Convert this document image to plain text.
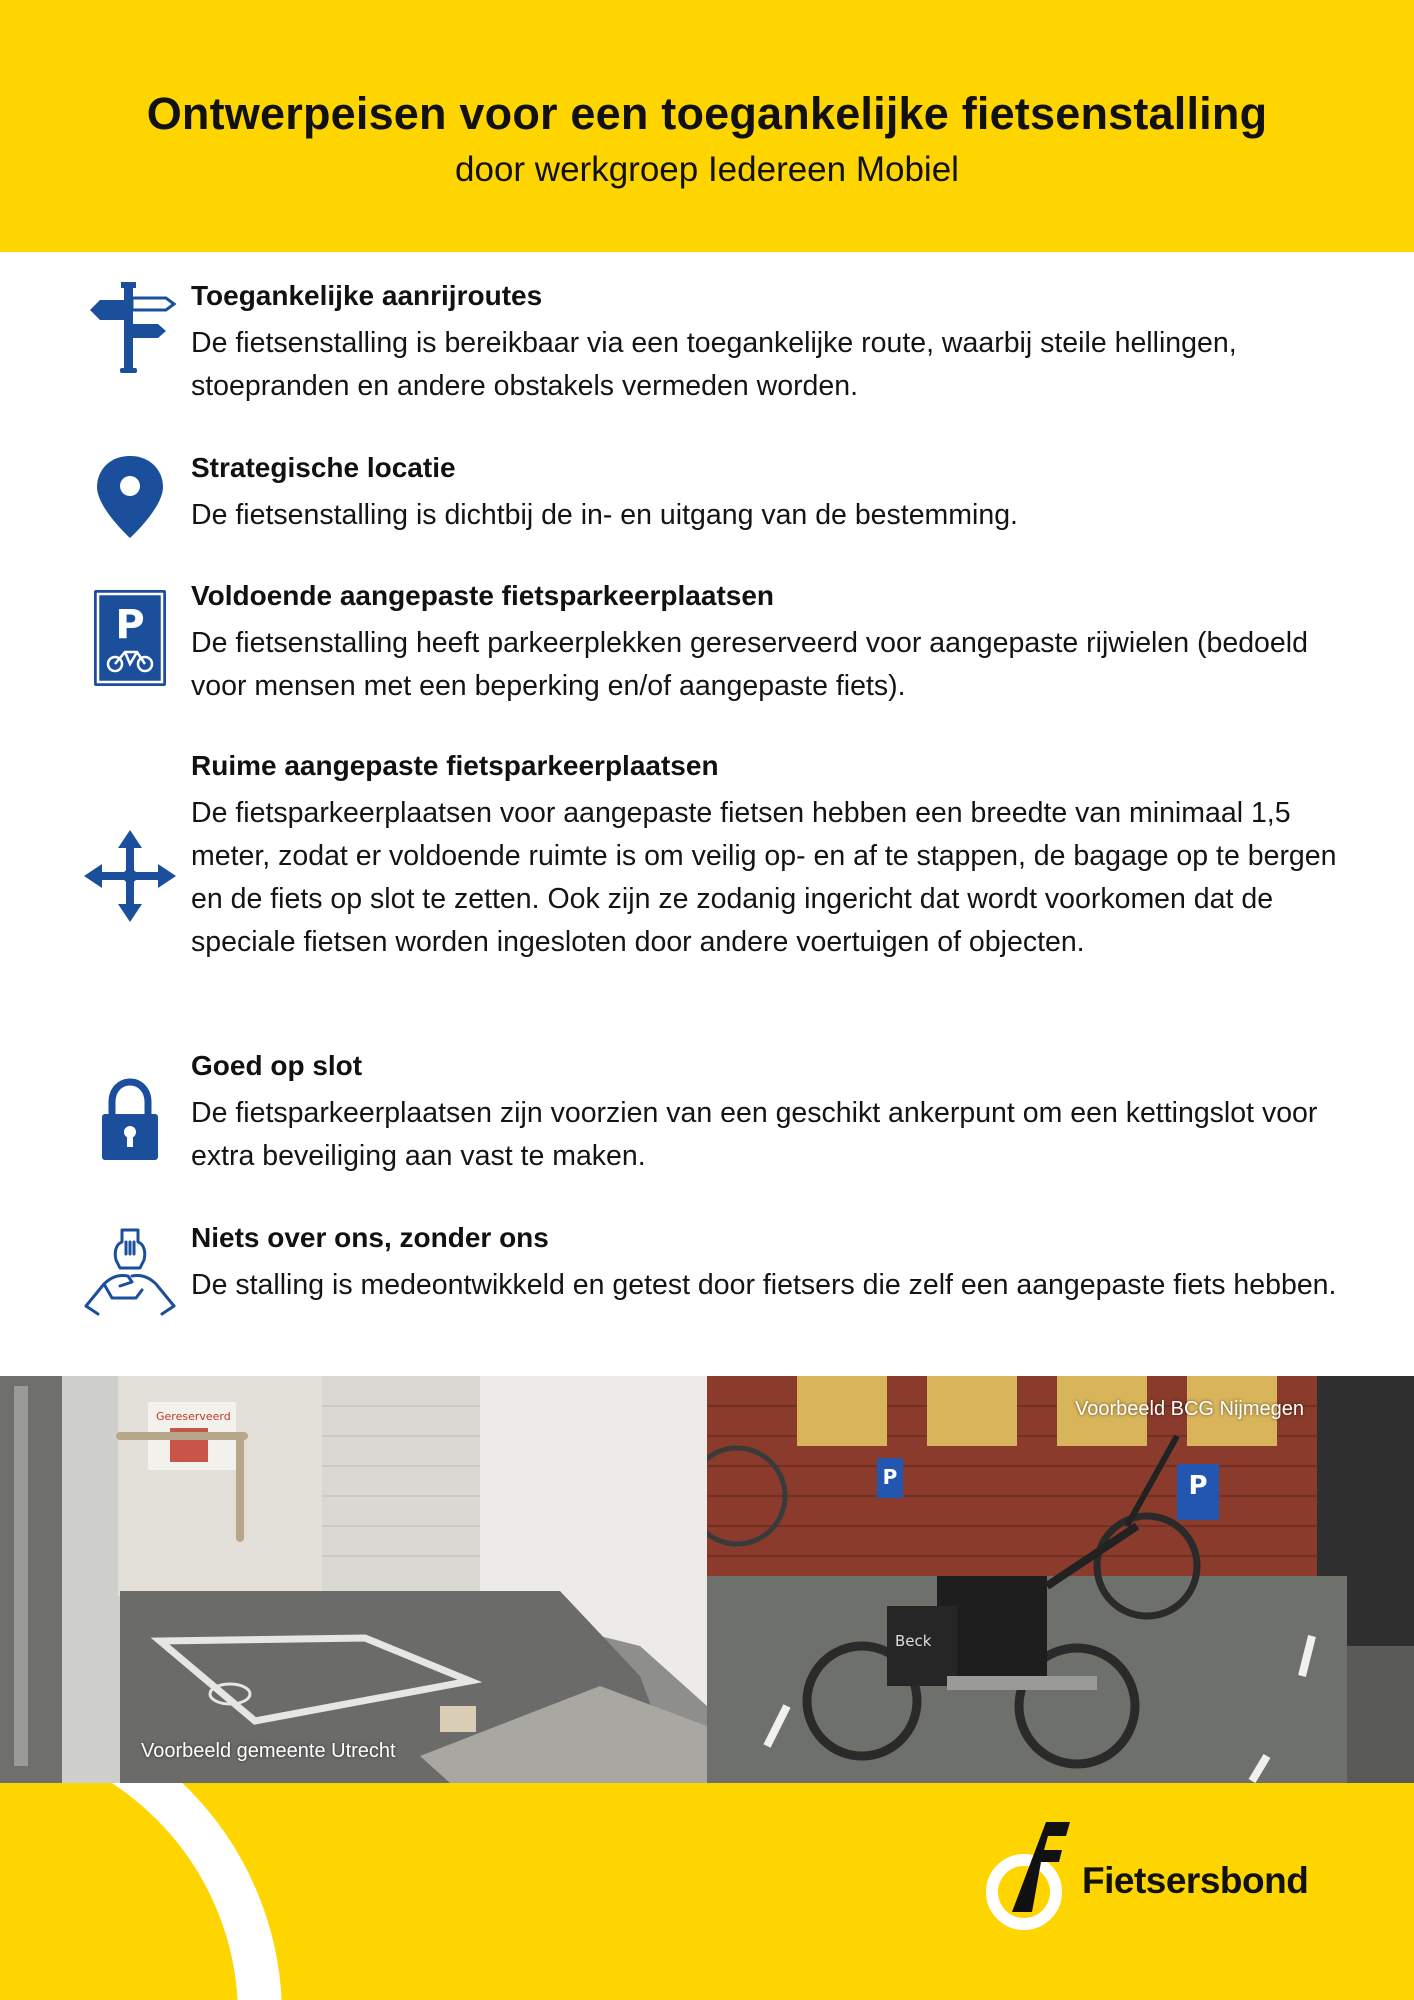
Ontwerpeisen voor een toegankelijke fietsenstalling
door werkgroep Iedereen Mobiel
Toegankelijke aanrijroutes
De fietsenstalling is bereikbaar via een toegankelijke route, waarbij steile hellingen, stoepranden en andere obstakels vermeden worden.
Strategische locatie
De fietsenstalling is dichtbij de in- en uitgang van de bestemming.
P
Voldoende aangepaste fietsparkeerplaatsen
De fietsenstalling heeft parkeerplekken gereserveerd voor aangepaste rijwielen (bedoeld voor mensen met een beperking en/of aangepaste fiets).
Ruime aangepaste fietsparkeerplaatsen
De fietsparkeerplaatsen voor aangepaste fietsen hebben een breedte van minimaal 1,5 meter, zodat er voldoende ruimte is om veilig op- en af te stappen, de bagage op te bergen en de fiets op slot te zetten. Ook zijn ze zodanig ingericht dat wordt voorkomen dat de speciale fietsen worden ingesloten door andere voertuigen of objecten.
Goed op slot
De fietsparkeerplaatsen zijn voorzien van een geschikt ankerpunt om een kettingslot voor extra beveiliging aan vast te maken.
Niets over ons, zonder ons
De stalling is medeontwikkeld en getest door fietsers die zelf een aangepaste fiets hebben.
Gereserveerd
Voorbeeld gemeente Utrecht
P	P
Beck
Voorbeeld BCG Nijmegen
Fietsersbond
